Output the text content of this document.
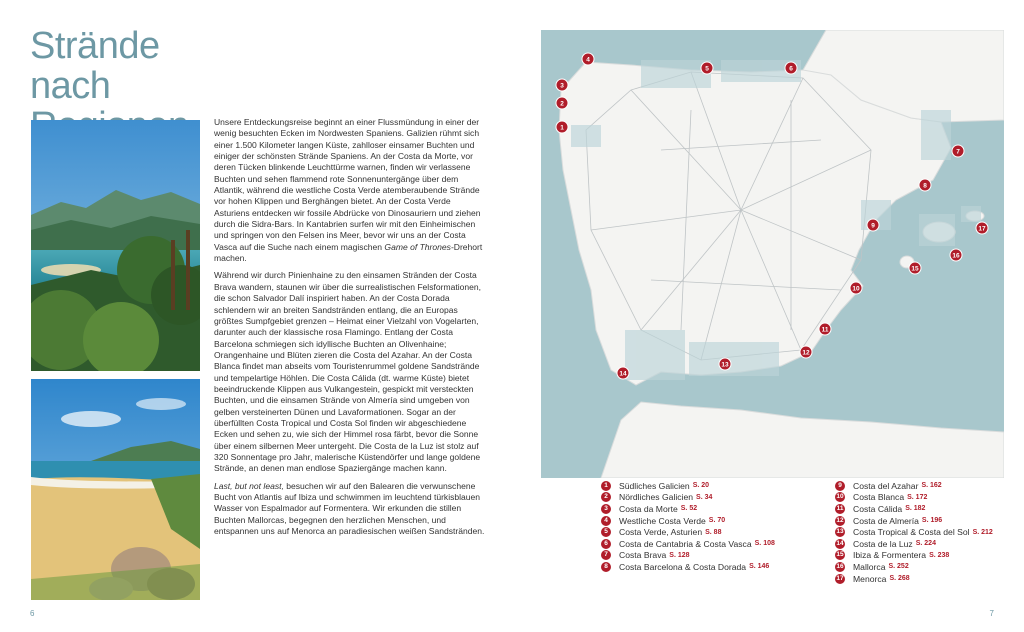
Strände
nach

Unsere Entdeckungsreise beginnt an einer Flussmündung in einer der wenig besuchten Ecken im Nordwesten Spaniens. Galizien rühmt sich einer 1.500 Kilometer langen Küste, zahlloser einsamer Buchten und einiger der schönsten Strände Spaniens. An der Costa da Morte, vor deren Tücken blinkende Leuchttürme warnen, finden wir verlassene Buchten und sehen flammend rote Sonnenuntergänge über dem Atlantik, während die westliche Costa Verde atemberaubende Strände vor hohen Klippen und Berghängen bietet. An der Costa Verde Asturiens entdecken wir fossile Abdrücke von Dinosauriern und ziehen durch die Sidra-Bars. In Kantabrien surfen wir mit den Einheimischen und springen von den Felsen ins Meer, bevor wir uns an der Costa Vasca auf die Suche nach einem magischen Game of Thrones-Drehort machen.

Während wir durch Pinienhaine zu den einsamen Stränden der Costa Brava wandern, staunen wir über die surrealistischen Felsformationen, die schon Salvador Dalí inspiriert haben. An der Costa Dorada schlendern wir an breiten Sandstränden entlang, die an Europas größtes Sumpfgebiet grenzen – Heimat einer Vielzahl von Vogelarten, darunter auch der klassische rosa Flamingo. Entlang der Costa Barcelona schmiegen sich idyllische Buchten an Olivenhaine; Orangenhaine und Blüten zieren die Costa del Azahar. An der Costa Blanca findet man abseits vom Touristenrummel goldene Sandstrände und tempelartige Höhlen. Die Costa Cálida (dt. warme Küste) bietet beeindruckende Klippen aus Vulkangestein, gespickt mit versteckten Buchten, und die einsamen Strände von Almería sind umgeben von gelben versteinerten Dünen und Lavaformationen. Sogar an der überfüllten Costa Tropical und Costa Sol finden wir abgeschiedene Ecken und sehen zu, wie sich der Himmel rosa färbt, bevor die Sonne über einem silbernen Meer untergeht. Die Costa de la Luz ist stolz auf 320 Sonnentage pro Jahr, malerische Küstendörfer und lange goldene Strände, an denen man endlose Spaziergänge machen kann.

Last, but not least, besuchen wir auf den Balearen die verwunschene Bucht von Atlantis auf Ibiza und schwimmen im leuchtend türkisblauen Wasser von Espalmador auf Formentera. Wir erkunden die stillen Buchten Mallorcas, begegnen den herzlichen Menschen, und entspannen uns auf Menorca an paradiesischen weißen Sandstränden.

6
1
2
3
4
5	6
7
8
9
10
11
12
13
14
15
16
17
1	Südliches Galicien S. 20
2	Nördliches Galicien S. 34
3	Costa da Morte S. 52
4	Westliche Costa Verde S. 70
5	Costa Verde, Asturien S. 88
6	Costa de Cantabria & Costa Vasca S. 108
7	Costa Brava S. 128
8	Costa Barcelona & Costa Dorada S. 146
9	Costa del Azahar S. 162
10 Costa Blanca S. 172
11 Costa Cálida S. 182
12 Costa de Almería S. 196
13 Costa Tropical & Costa del Sol S. 212
14 Costa de la Luz S. 224
15 Ibiza & Formentera S. 238
16 Mallorca S. 252
17 Menorca S. 268
7
